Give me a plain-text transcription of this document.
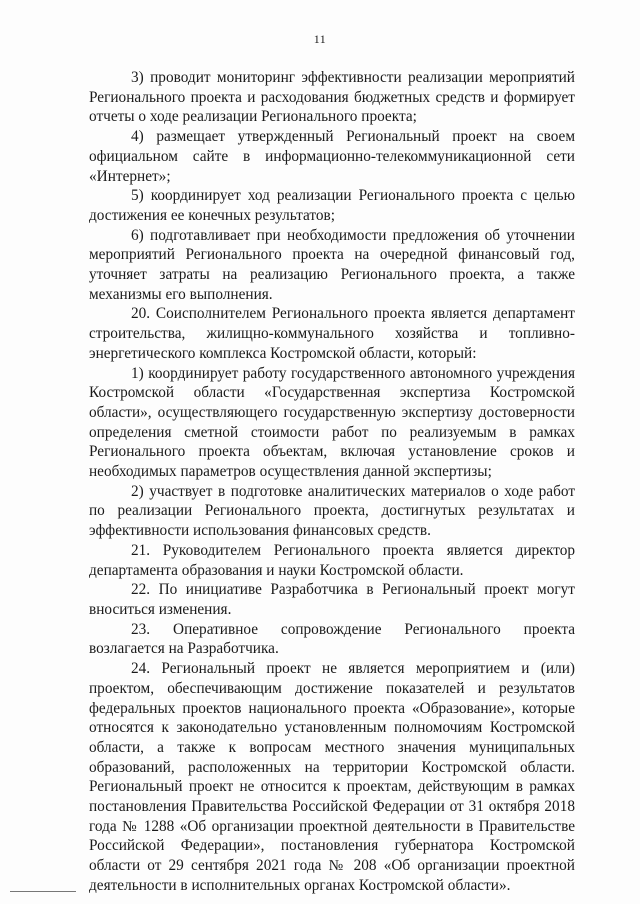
11

3) проводит мониторинг эффективности реализации мероприятий Регионального проекта и расходования бюджетных средств и формирует отчеты о ходе реализации Регионального проекта;

4) размещает утвержденный Региональный проект на своем официальном сайте в информационно-телекоммуникационной сети «Интернет»;

5) координирует ход реализации Регионального проекта с целью достижения ее конечных результатов;

6) подготавливает при необходимости предложения об уточнении мероприятий Регионального проекта на очередной финансовый год, уточняет затраты на реализацию Регионального проекта, а также механизмы его выполнения.

20. Соисполнителем Регионального проекта является департамент строительства, жилищно-коммунального хозяйства и топливно-энергетического комплекса Костромской области, который:

1) координирует работу государственного автономного учреждения Костромской области «Государственная экспертиза Костромской области», осуществляющего государственную экспертизу достоверности определения сметной стоимости работ по реализуемым в рамках Регионального проекта объектам, включая установление сроков и необходимых параметров осуществления данной экспертизы;

2) участвует в подготовке аналитических материалов о ходе работ по реализации Регионального проекта, достигнутых результатах и эффективности использования финансовых средств.

21. Руководителем Регионального проекта является директор департамента образования и науки Костромской области.

22. По инициативе Разработчика в Региональный проект могут вноситься изменения.

23. Оперативное сопровождение Регионального проекта возлагается на Разработчика.

24. Региональный проект не является мероприятием и (или) проектом, обеспечивающим достижение показателей и результатов федеральных проектов национального проекта «Образование», которые относятся к законодательно установленным полномочиям Костромской области, а также к вопросам местного значения муниципальных образований, расположенных на территории Костромской области. Региональный проект не относится к проектам, действующим в рамках постановления Правительства Российской Федерации от 31 октября 2018 года № 1288 «Об организации проектной деятельности в Правительстве Российской Федерации», постановления губернатора Костромской области от 29 сентября 2021 года № 208 «Об организации проектной деятельности в исполнительных органах Костромской области».
